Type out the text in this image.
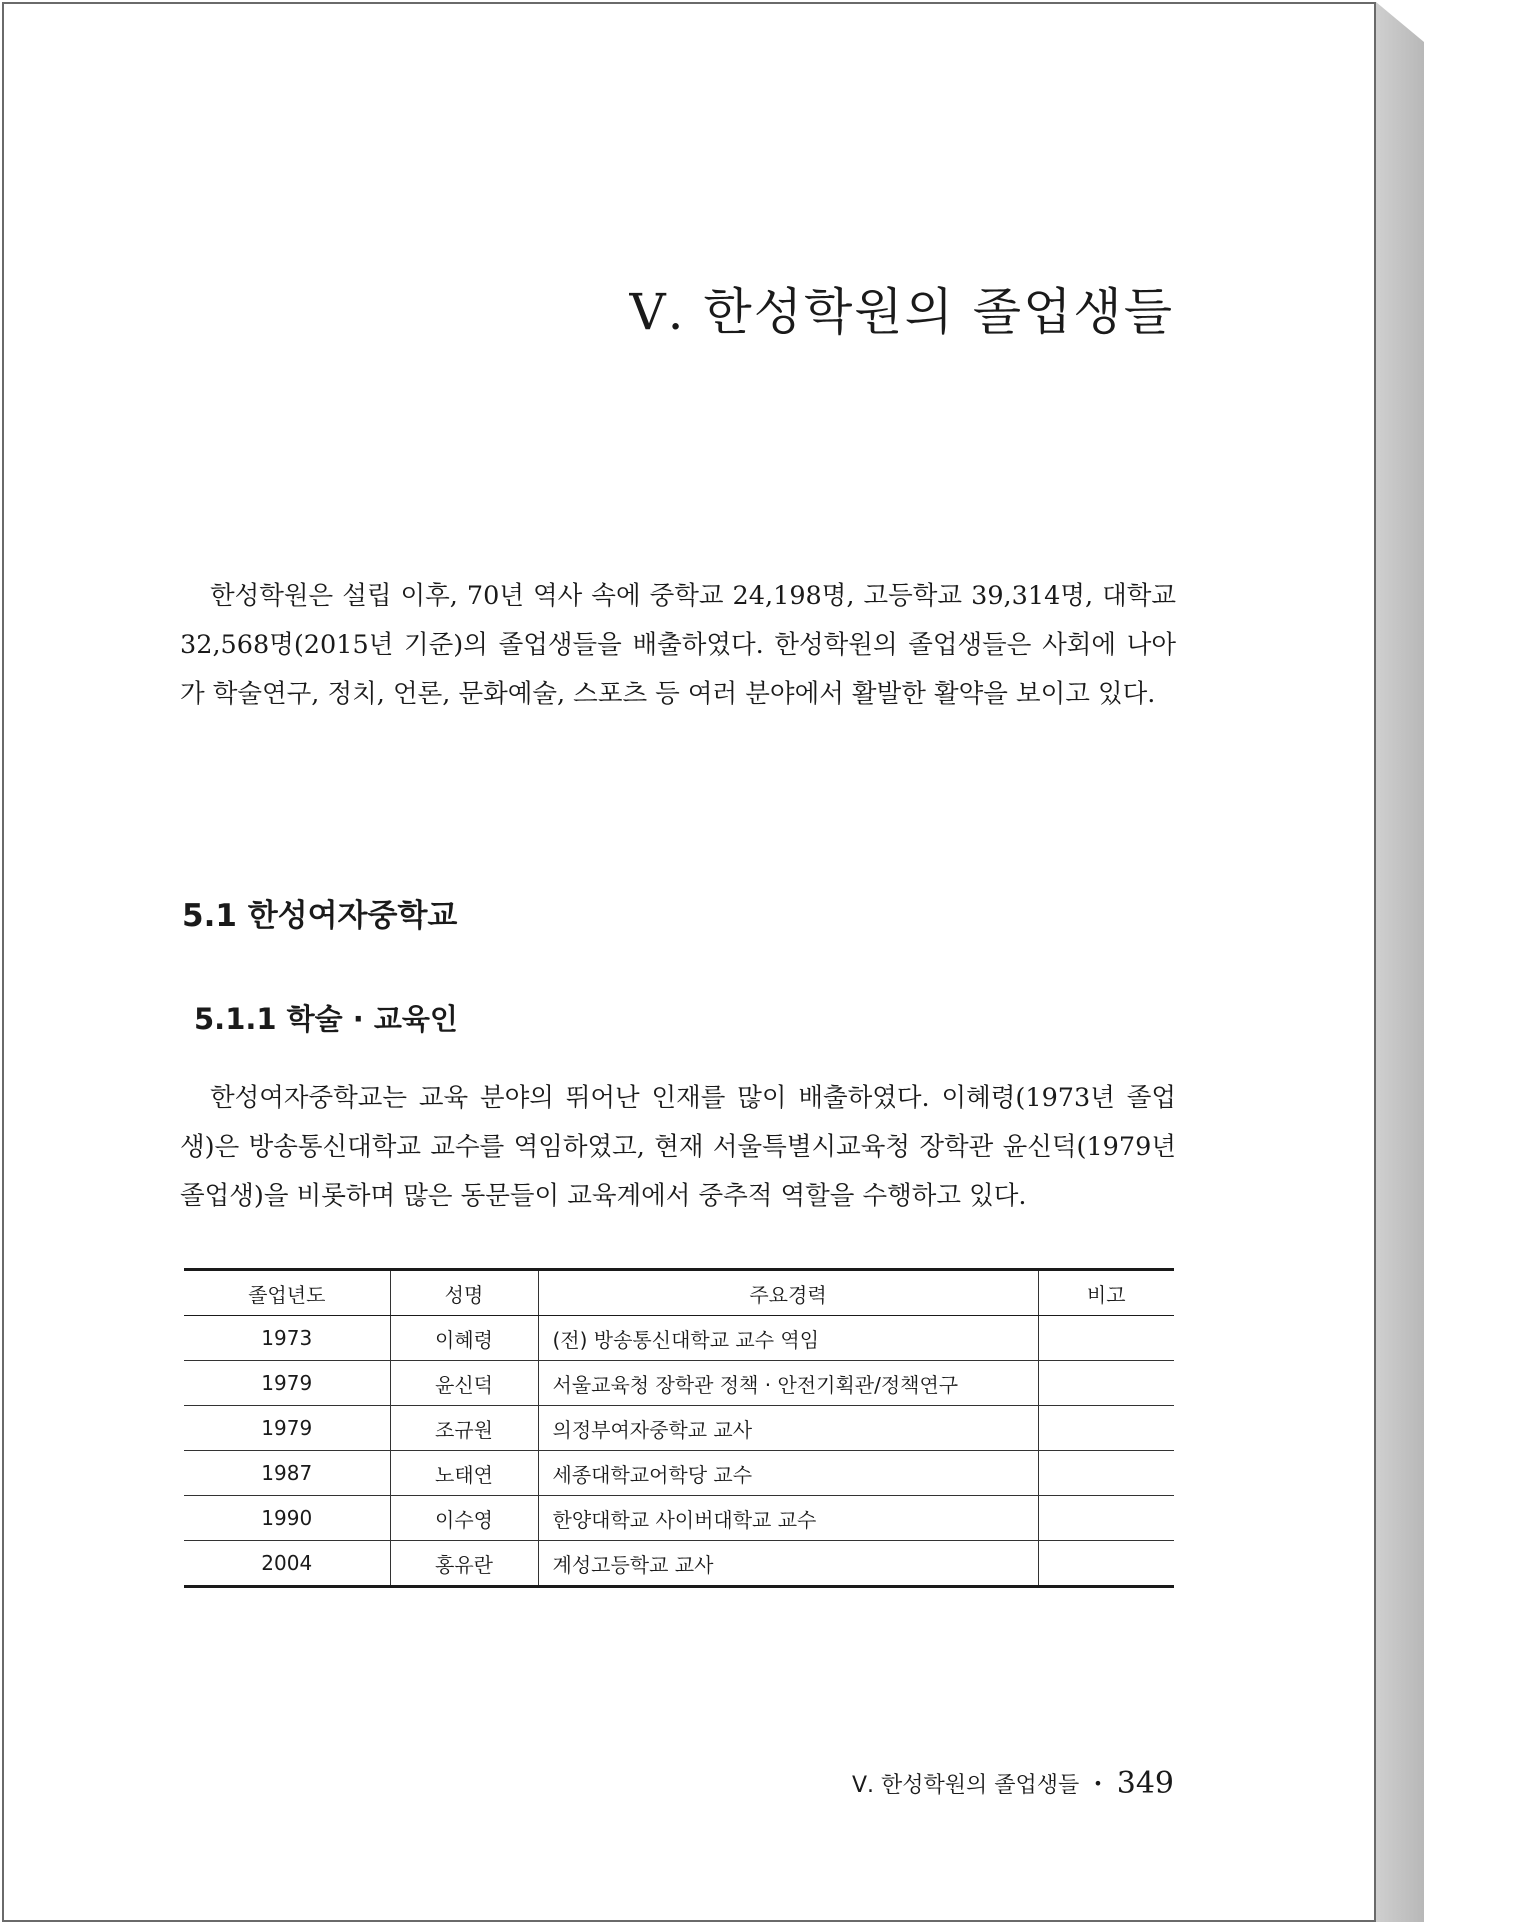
Ⅴ. 한성학원의 졸업생들

한성학원은 설립 이후, 70년 역사 속에 중학교 24,198명, 고등학교 39,314명, 대학교 32,568명(2015년 기준)의 졸업생들을 배출하였다. 한성학원의 졸업생들은 사회에 나아가 학술연구, 정치, 언론, 문화예술, 스포츠 등 여러 분야에서 활발한 활약을 보이고 있다.

5.1 한성여자중학교
5.1.1 학술 · 교육인

한성여자중학교는 교육 분야의 뛰어난 인재를 많이 배출하였다. 이혜령(1973년 졸업생)은 방송통신대학교 교수를 역임하였고, 현재 서울특별시교육청 장학관 윤신덕(1979년 졸업생)을 비롯하며 많은 동문들이 교육계에서 중추적 역할을 수행하고 있다.

졸업년도	성명	주요경력	비고
1973	이혜령	(전) 방송통신대학교 교수 역임	
1979	윤신덕	서울교육청 장학관 정책 · 안전기획관/정책연구	
1979	조규원	의정부여자중학교 교사	
1987	노태연	세종대학교어학당 교수	
1990	이수영	한양대학교 사이버대학교 교수	
2004	홍유란	계성고등학교 교사	
Ⅴ. 한성학원의 졸업생들 • 349
